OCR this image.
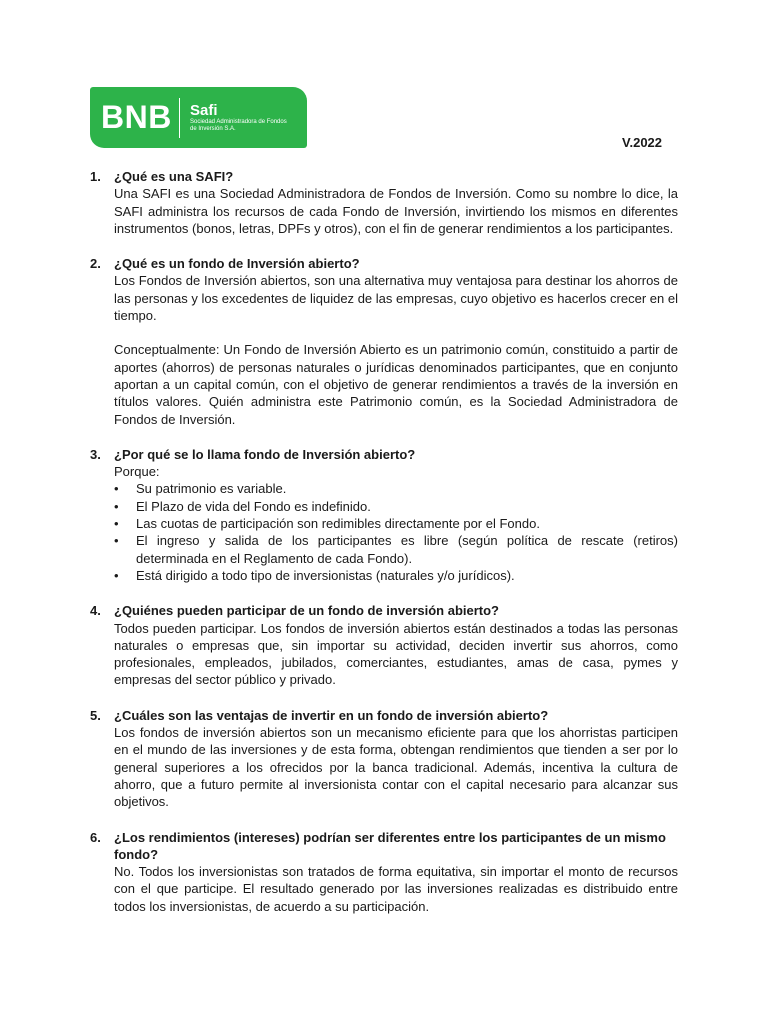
BNB Safi
Sociedad Administradora de Fondos de Inversión S.A.
V.2022
1.	¿Qué es una SAFI?
Una SAFI es una Sociedad Administradora de Fondos de Inversión. Como su nombre lo dice, la SAFI administra los recursos de cada Fondo de Inversión, invirtiendo los mismos en diferentes instrumentos (bonos, letras, DPFs y otros), con el fin de generar rendimientos a los participantes.
2.	¿Qué es un fondo de Inversión abierto?
Los Fondos de Inversión abiertos, son una alternativa muy ventajosa para destinar los ahorros de las personas y los excedentes de liquidez de las empresas, cuyo objetivo es hacerlos crecer en el tiempo.
Conceptualmente: Un Fondo de Inversión Abierto es un patrimonio común, constituido a partir de aportes (ahorros) de personas naturales o jurídicas denominados participantes, que en conjunto aportan a un capital común, con el objetivo de generar rendimientos a través de la inversión en títulos valores. Quién administra este Patrimonio común, es la Sociedad Administradora de Fondos de Inversión.
3.	¿Por qué se lo llama fondo de Inversión abierto?
Porque:
•	Su patrimonio es variable.
•	El Plazo de vida del Fondo es indefinido.
•	Las cuotas de participación son redimibles directamente por el Fondo.
•	El ingreso y salida de los participantes es libre (según política de rescate (retiros) determinada en el Reglamento de cada Fondo).
•	Está dirigido a todo tipo de inversionistas (naturales y/o jurídicos).
4.	¿Quiénes pueden participar de un fondo de inversión abierto?
Todos pueden participar. Los fondos de inversión abiertos están destinados a todas las personas naturales o empresas que, sin importar su actividad, deciden invertir sus ahorros, como profesionales, empleados, jubilados, comerciantes, estudiantes, amas de casa, pymes y empresas del sector público y privado.
5.	¿Cuáles son las ventajas de invertir en un fondo de inversión abierto?
Los fondos de inversión abiertos son un mecanismo eficiente para que los ahorristas participen en el mundo de las inversiones y de esta forma, obtengan rendimientos que tienden a ser por lo general superiores a los ofrecidos por la banca tradicional. Además, incentiva la cultura de ahorro, que a futuro permite al inversionista contar con el capital necesario para alcanzar sus objetivos.
6.	¿Los rendimientos (intereses) podrían ser diferentes entre los participantes de un mismo fondo?
No. Todos los inversionistas son tratados de forma equitativa, sin importar el monto de recursos con el que participe. El resultado generado por las inversiones realizadas es distribuido entre todos los inversionistas, de acuerdo a su participación.
